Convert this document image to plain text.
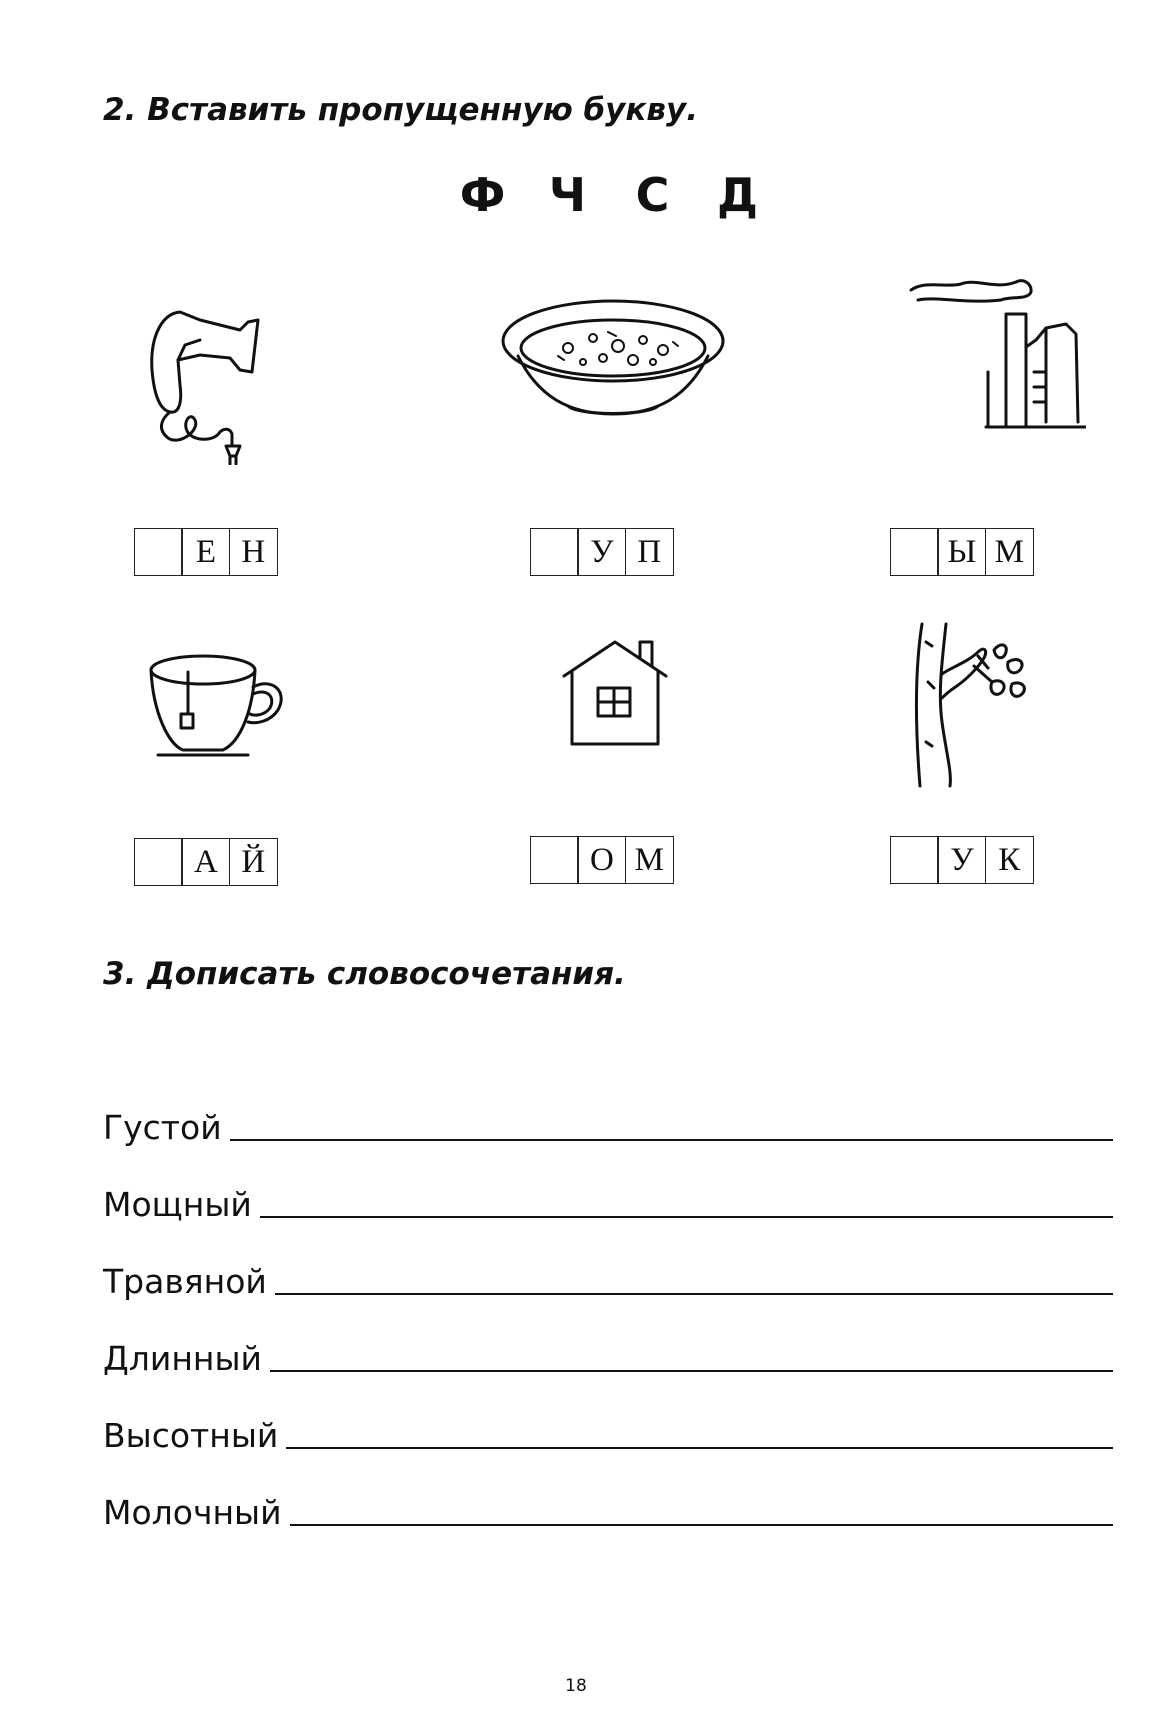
2. Вставить пропущенную букву.
Ф Ч	С	Д
Е Н	У П	Ы М
А Й	О М	У К
3. Дописать словосочетания.
Густой
Мощный
Травяной
Длинный
Высотный
Молочный
18
